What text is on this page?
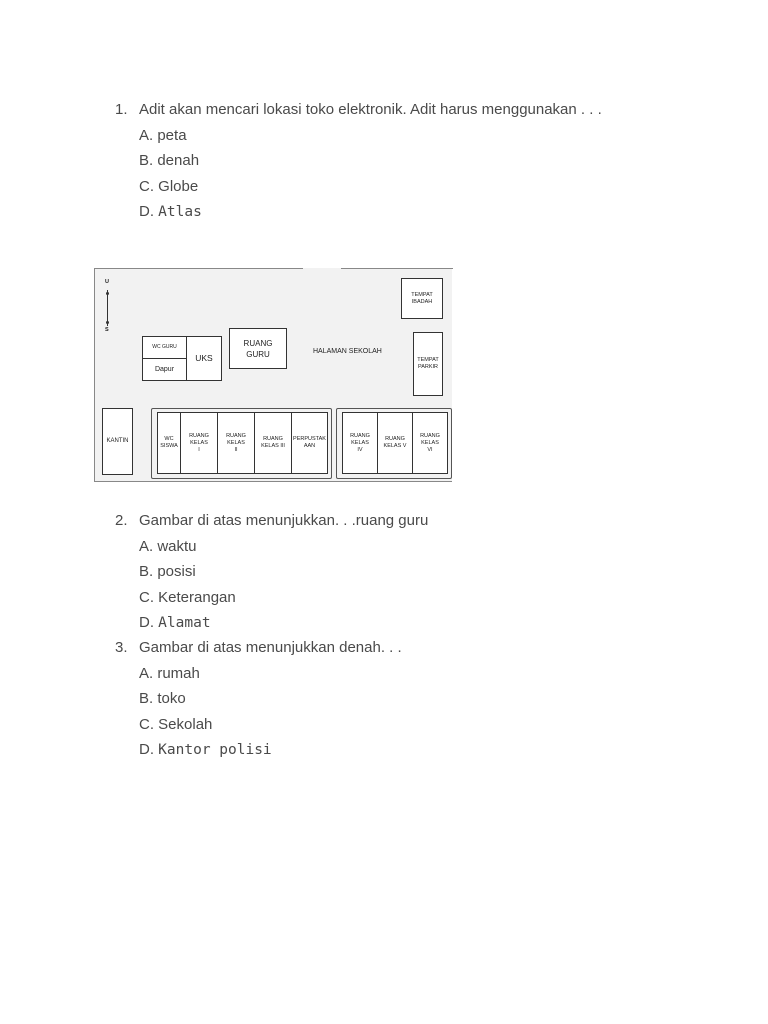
1. Adit akan mencari lokasi toko elektronik. Adit harus menggunakan . . .
A. peta
B. denah
C. Globe
D. Atlas
U
S
TEMPAT IBADAH
TEMPAT PARKIR
WC GURU
Dapur
UKS
RUANG GURU	HALAMAN SEKOLAH
KANTIN	WC SISWA
RUANG KELAS I
RUANG KELAS II
RUANG KELAS III
PERPUSTAK AAN
RUANG KELAS IV
RUANG KELAS V
RUANG KELAS VI
2. Gambar di atas menunjukkan. . .ruang guru
A. waktu
B. posisi
C. Keterangan
D. Alamat
3. Gambar di atas menunjukkan denah. . .
A. rumah
B. toko
C. Sekolah
D. Kantor polisi
